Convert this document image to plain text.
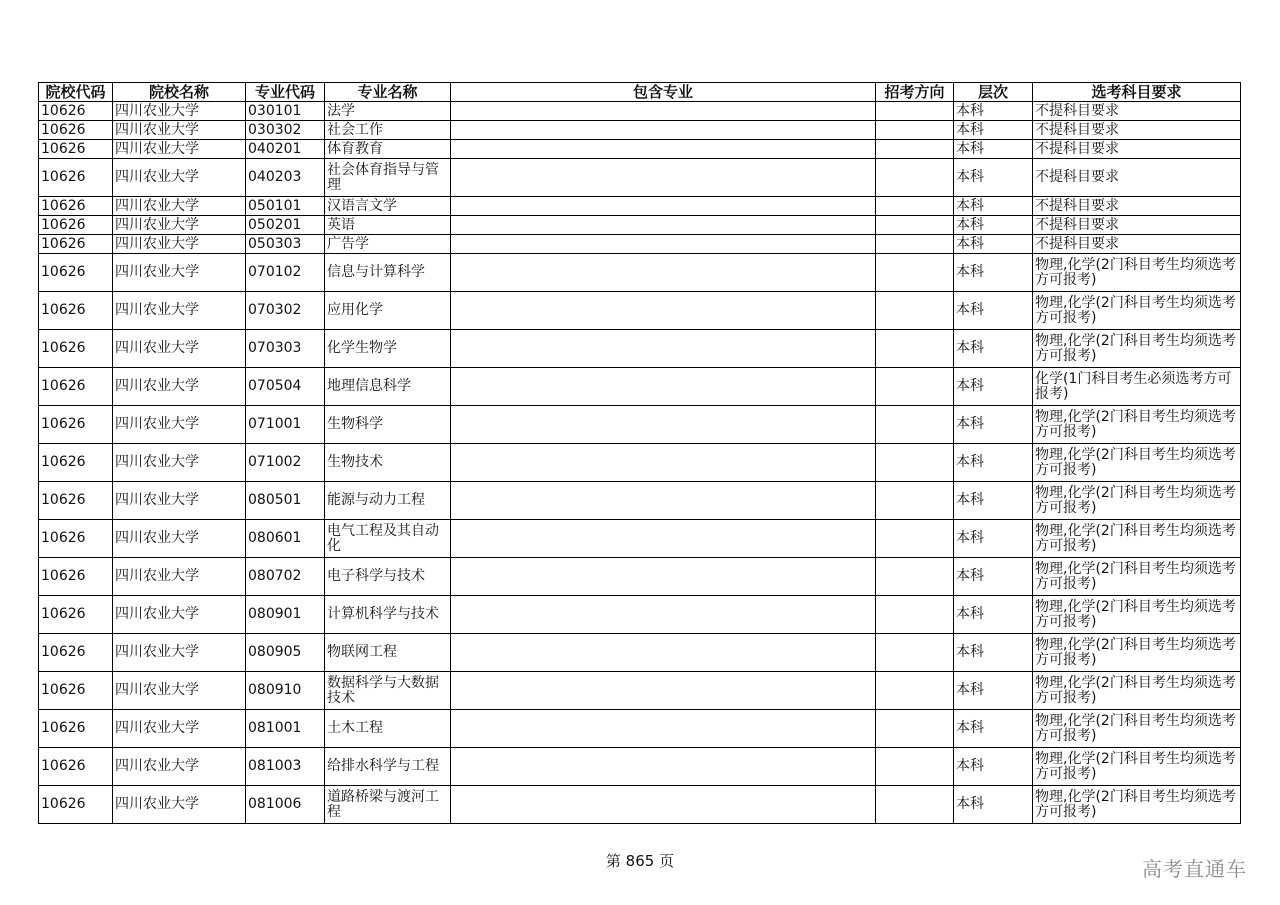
院校代码	院校名称	专业代码	专业名称	包含专业	招考方向	层次	选考科目要求
10626	四川农业大学	030101	法学			本科	不提科目要求
10626	四川农业大学	030302	社会工作			本科	不提科目要求
10626	四川农业大学	040201	体育教育			本科	不提科目要求
10626	四川农业大学	040203	社会体育指导与管理			本科	不提科目要求
10626	四川农业大学	050101	汉语言文学			本科	不提科目要求
10626	四川农业大学	050201	英语			本科	不提科目要求
10626	四川农业大学	050303	广告学			本科	不提科目要求
10626	四川农业大学	070102	信息与计算科学			本科	物理,化学(2门科目考生均须选考方可报考)
10626	四川农业大学	070302	应用化学			本科	物理,化学(2门科目考生均须选考方可报考)
10626	四川农业大学	070303	化学生物学			本科	物理,化学(2门科目考生均须选考方可报考)
10626	四川农业大学	070504	地理信息科学			本科	化学(1门科目考生必须选考方可报考)
10626	四川农业大学	071001	生物科学			本科	物理,化学(2门科目考生均须选考方可报考)
10626	四川农业大学	071002	生物技术			本科	物理,化学(2门科目考生均须选考方可报考)
10626	四川农业大学	080501	能源与动力工程			本科	物理,化学(2门科目考生均须选考方可报考)
10626	四川农业大学	080601	电气工程及其自动化			本科	物理,化学(2门科目考生均须选考方可报考)
10626	四川农业大学	080702	电子科学与技术			本科	物理,化学(2门科目考生均须选考方可报考)
10626	四川农业大学	080901	计算机科学与技术			本科	物理,化学(2门科目考生均须选考方可报考)
10626	四川农业大学	080905	物联网工程			本科	物理,化学(2门科目考生均须选考方可报考)
10626	四川农业大学	080910	数据科学与大数据技术			本科	物理,化学(2门科目考生均须选考方可报考)
10626	四川农业大学	081001	土木工程			本科	物理,化学(2门科目考生均须选考方可报考)
10626	四川农业大学	081003	给排水科学与工程			本科	物理,化学(2门科目考生均须选考方可报考)
10626	四川农业大学	081006	道路桥梁与渡河工程			本科	物理,化学(2门科目考生均须选考方可报考)
第 865 页	高考直通车
